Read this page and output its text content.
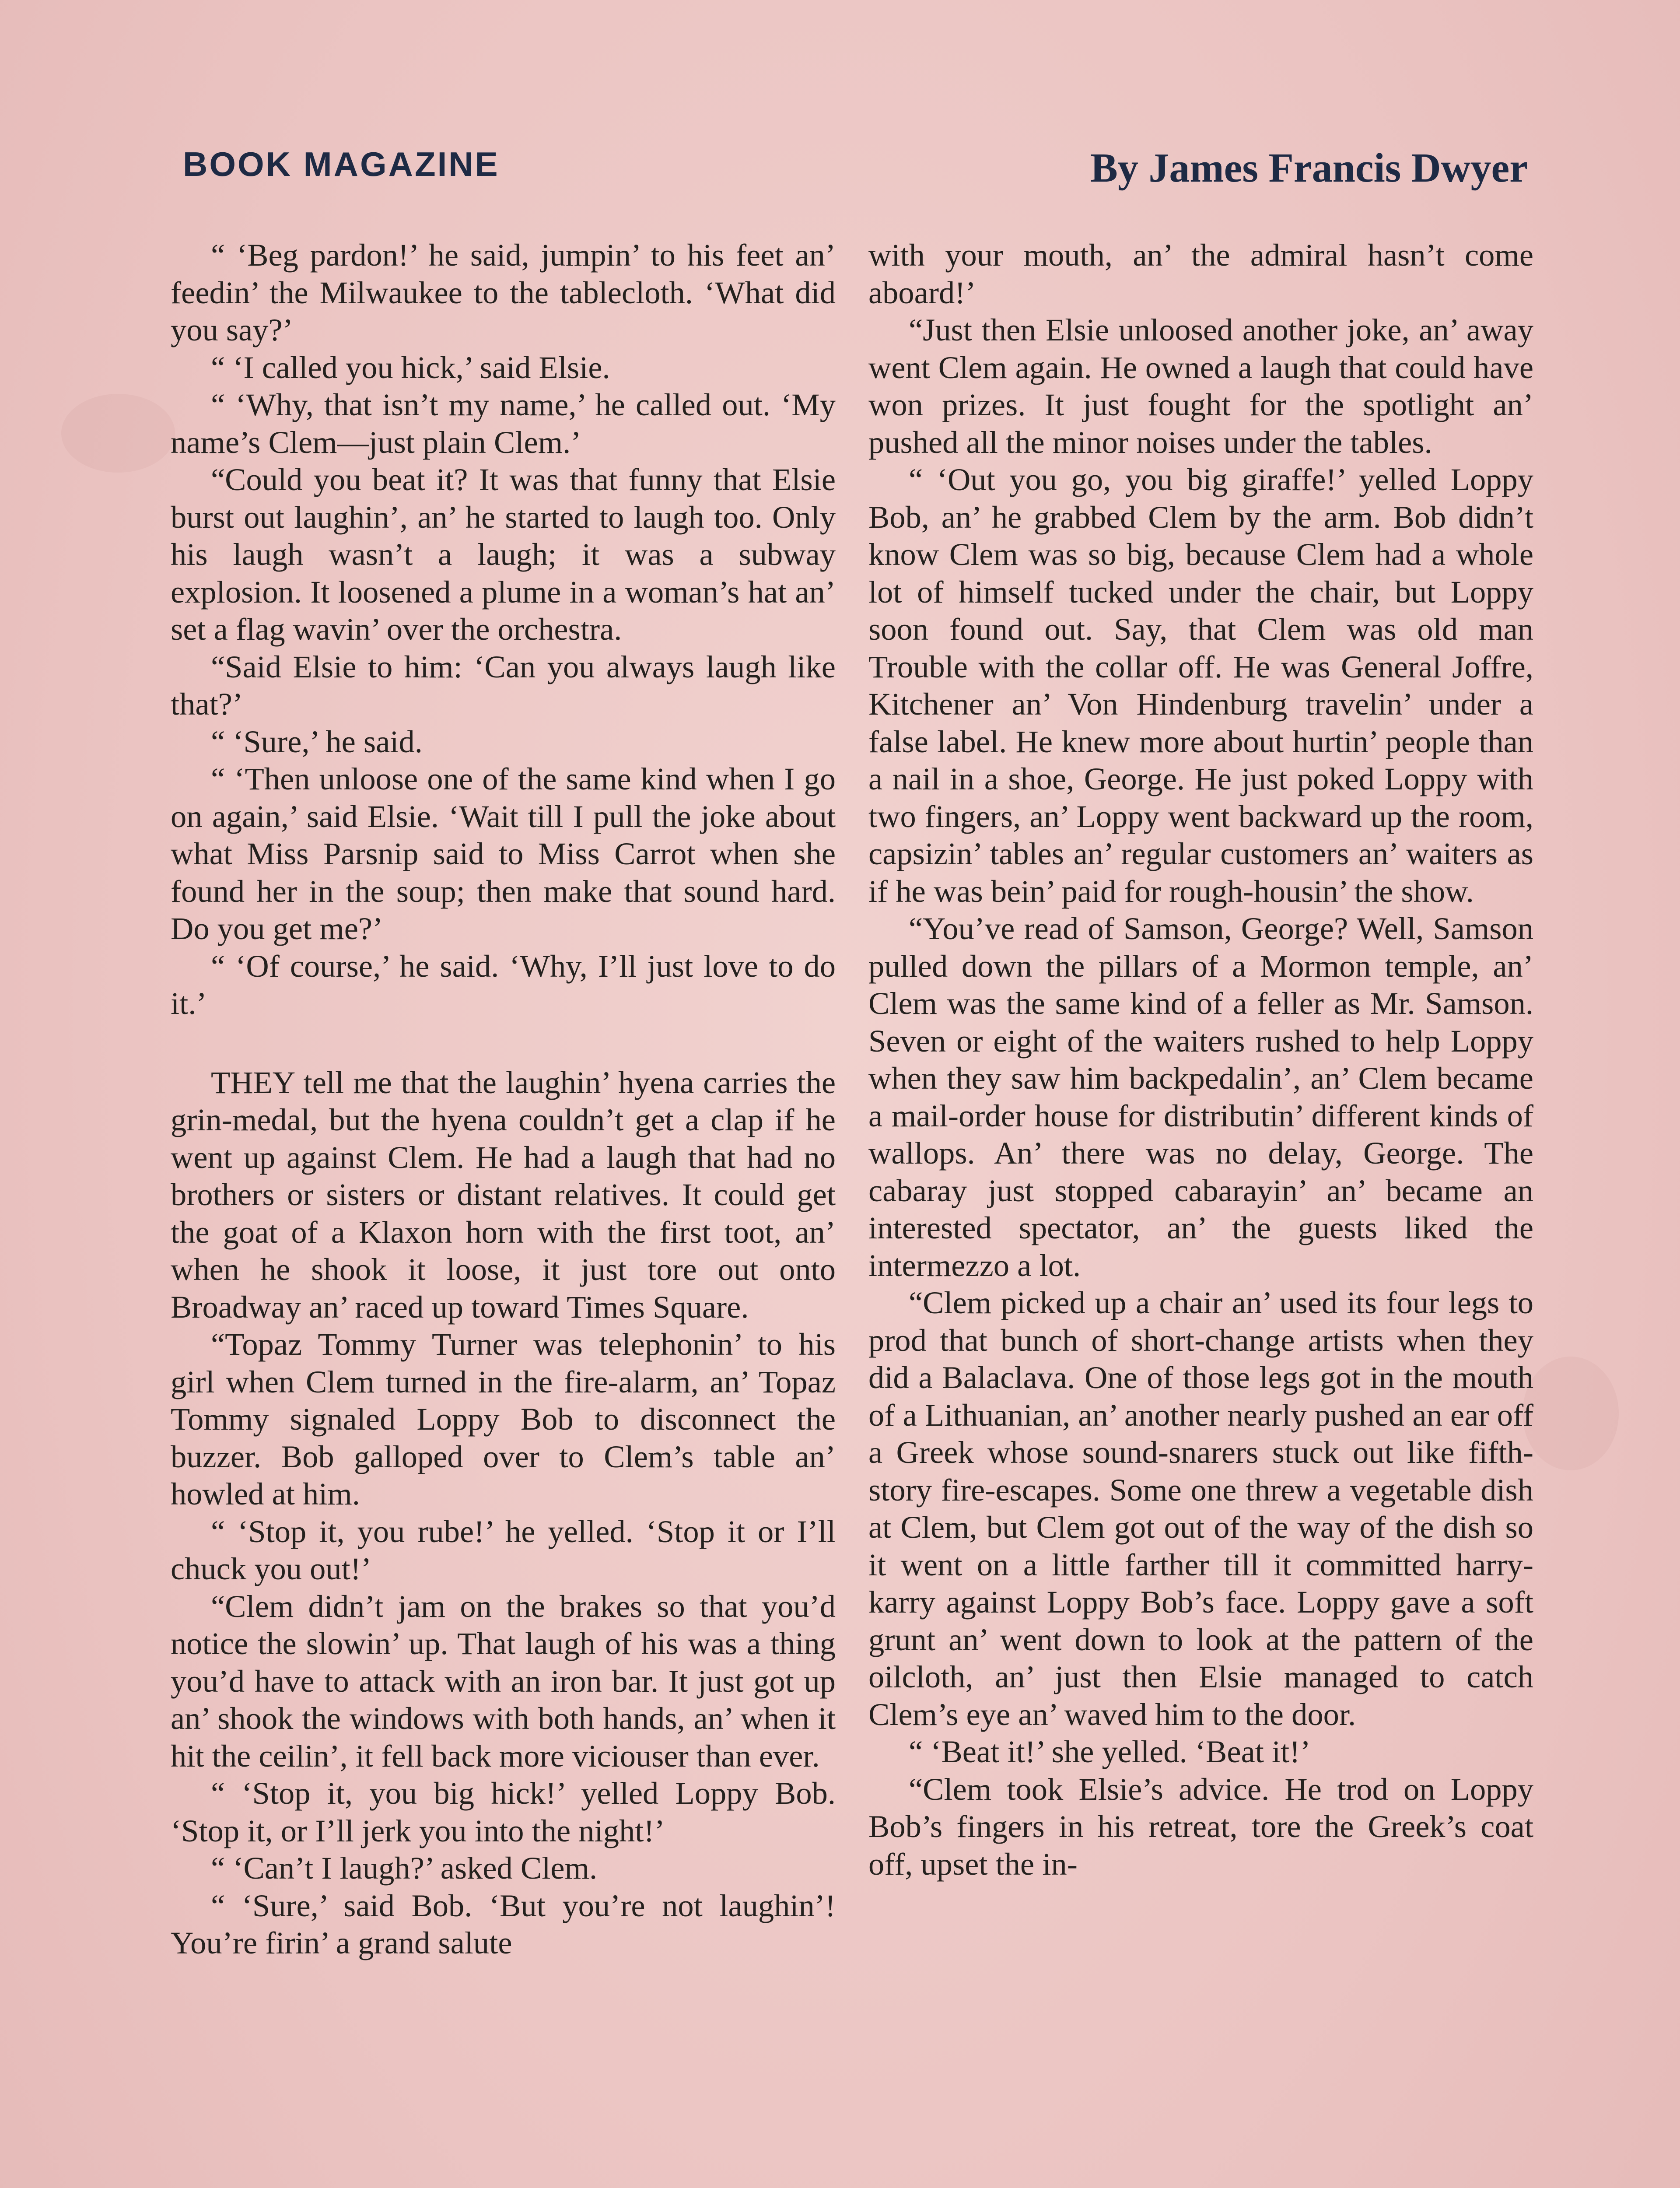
BOOK MAGAZINE	By James Francis Dwyer

“ ‘Beg pardon!’ he said, jumpin’ to his feet an’ feedin’ the Milwaukee to the tablecloth. ‘What did you say?’

“ ‘I called you hick,’ said Elsie.

“ ‘Why, that isn’t my name,’ he called out. ‘My name’s Clem—just plain Clem.’

“Could you beat it? It was that funny that Elsie burst out laughin’, an’ he started to laugh too. Only his laugh wasn’t a laugh; it was a subway explosion. It loosened a plume in a woman’s hat an’ set a flag wavin’ over the orchestra.

“Said Elsie to him: ‘Can you always laugh like that?’

“ ‘Sure,’ he said.

“ ‘Then unloose one of the same kind when I go on again,’ said Elsie. ‘Wait till I pull the joke about what Miss Parsnip said to Miss Carrot when she found her in the soup; then make that sound hard. Do you get me?’

“ ‘Of course,’ he said. ‘Why, I’ll just love to do it.’

THEY tell me that the laughin’ hyena carries the grin-medal, but the hyena couldn’t get a clap if he went up against Clem. He had a laugh that had no brothers or sisters or distant relatives. It could get the goat of a Klaxon horn with the first toot, an’ when he shook it loose, it just tore out onto Broadway an’ raced up toward Times Square.

“Topaz Tommy Turner was telephonin’ to his girl when Clem turned in the fire-alarm, an’ Topaz Tommy signaled Loppy Bob to disconnect the buzzer. Bob galloped over to Clem’s table an’ howled at him.

“ ‘Stop it, you rube!’ he yelled. ‘Stop it or I’ll chuck you out!’

“Clem didn’t jam on the brakes so that you’d notice the slowin’ up. That laugh of his was a thing you’d have to attack with an iron bar. It just got up an’ shook the windows with both hands, an’ when it hit the ceilin’, it fell back more viciouser than ever.

“ ‘Stop it, you big hick!’ yelled Loppy Bob. ‘Stop it, or I’ll jerk you into the night!’

“ ‘Can’t I laugh?’ asked Clem.

“ ‘Sure,’ said Bob. ‘But you’re not laughin’! You’re firin’ a grand salute

with your mouth, an’ the admiral hasn’t come aboard!’

“Just then Elsie unloosed another joke, an’ away went Clem again. He owned a laugh that could have won prizes. It just fought for the spotlight an’ pushed all the minor noises under the tables.

“ ‘Out you go, you big giraffe!’ yelled Loppy Bob, an’ he grabbed Clem by the arm. Bob didn’t know Clem was so big, because Clem had a whole lot of himself tucked under the chair, but Loppy soon found out. Say, that Clem was old man Trouble with the collar off. He was General Joffre, Kitchener an’ Von Hindenburg travelin’ under a false label. He knew more about hurtin’ people than a nail in a shoe, George. He just poked Loppy with two fingers, an’ Loppy went backward up the room, capsizin’ tables an’ regular customers an’ waiters as if he was bein’ paid for rough-housin’ the show.

“You’ve read of Samson, George? Well, Samson pulled down the pillars of a Mormon temple, an’ Clem was the same kind of a feller as Mr. Samson. Seven or eight of the waiters rushed to help Loppy when they saw him backpedalin’, an’ Clem became a mail-order house for distributin’ different kinds of wallops. An’ there was no delay, George. The cabaray just stopped cabarayin’ an’ became an interested spectator, an’ the guests liked the intermezzo a lot.

“Clem picked up a chair an’ used its four legs to prod that bunch of short-change artists when they did a Balaclava. One of those legs got in the mouth of a Lithuanian, an’ another nearly pushed an ear off a Greek whose sound-snarers stuck out like fifth-story fire-escapes. Some one threw a vegetable dish at Clem, but Clem got out of the way of the dish so it went on a little farther till it committed harry-karry against Loppy Bob’s face. Loppy gave a soft grunt an’ went down to look at the pattern of the oilcloth, an’ just then Elsie managed to catch Clem’s eye an’ waved him to the door.

“ ‘Beat it!’ she yelled. ‘Beat it!’

“Clem took Elsie’s advice. He trod on Loppy Bob’s fingers in his retreat, tore the Greek’s coat off, upset the in-
